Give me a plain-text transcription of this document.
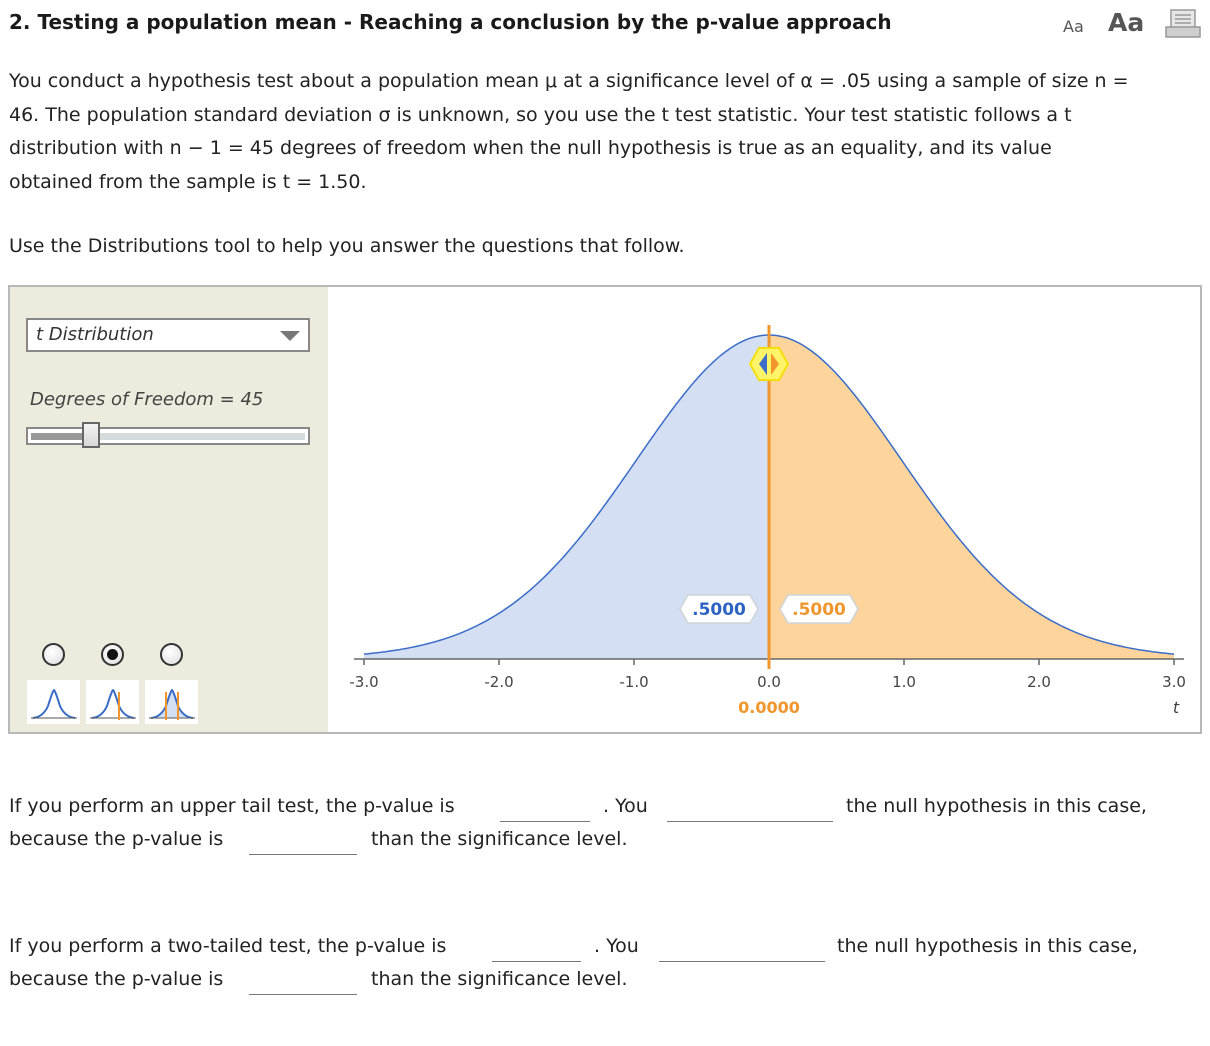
2. Testing a population mean - Reaching a conclusion by the p-value approach	Aa Aa
You conduct a hypothesis test about a population mean μ at a significance level of α = .05 using a sample of size n =
46. The population standard deviation σ is unknown, so you use the t test statistic. Your test statistic follows a t
distribution with n − 1 = 45 degrees of freedom when the null hypothesis is true as an equality, and its value
obtained from the sample is t = 1.50.
Use the Distributions tool to help you answer the questions that follow.
t Distribution
Degrees of Freedom = 45
-3.0	-2.0	-1.0	0.0	1.0	2.0	3.0
t
.5000	.5000
0.0000
If you perform an upper tail test, the p-value is	. You	the null hypothesis in this case,
because the p-value is	than the significance level.
If you perform a two-tailed test, the p-value is	. You	the null hypothesis in this case,
because the p-value is	than the significance level.
